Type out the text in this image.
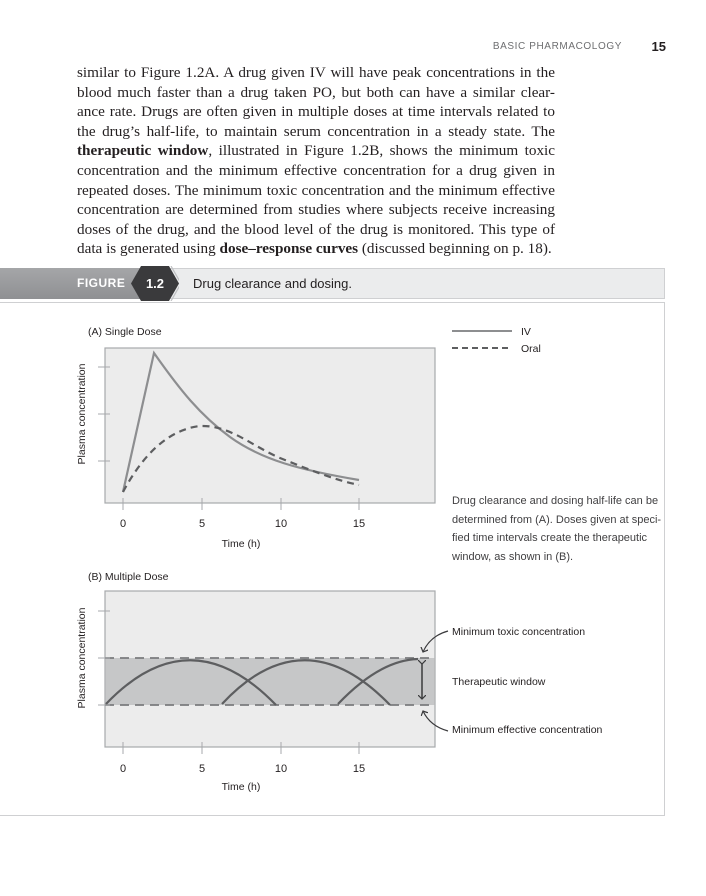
BASIC PHARMACOLOGY 15

similar to Figure 1.2A. A drug given IV will have peak concentrations in the blood much faster than a drug taken PO, but both can have a similar clear-ance rate. Drugs are often given in multiple doses at time intervals related to the drug’s half-life, to maintain serum concentration in a steady state. The therapeutic window, illustrated in Figure 1.2B, shows the minimum toxic concentration and the minimum effective concentration for a drug given in repeated doses. The minimum toxic concentration and the minimum effective concentration are determined from studies where subjects receive increasing doses of the drug, and the blood level of the drug is monitored. This type of data is generated using dose–response curves (discussed beginning on p. 18).

FIGURE	1.2	Drug clearance and dosing.
(A) Single Dose
0	5	10	15
Time (h)
Plasma concentration
IV
Oral
(B) Multiple Dose
0	5	10	15
Time (h)
Plasma concentration	Minimum toxic concentration
Therapeutic window
Minimum effective concentration
Drug clearance and dosing half-life can be determined from (A). Doses given at speci-fied time intervals create the therapeutic window, as shown in (B).
